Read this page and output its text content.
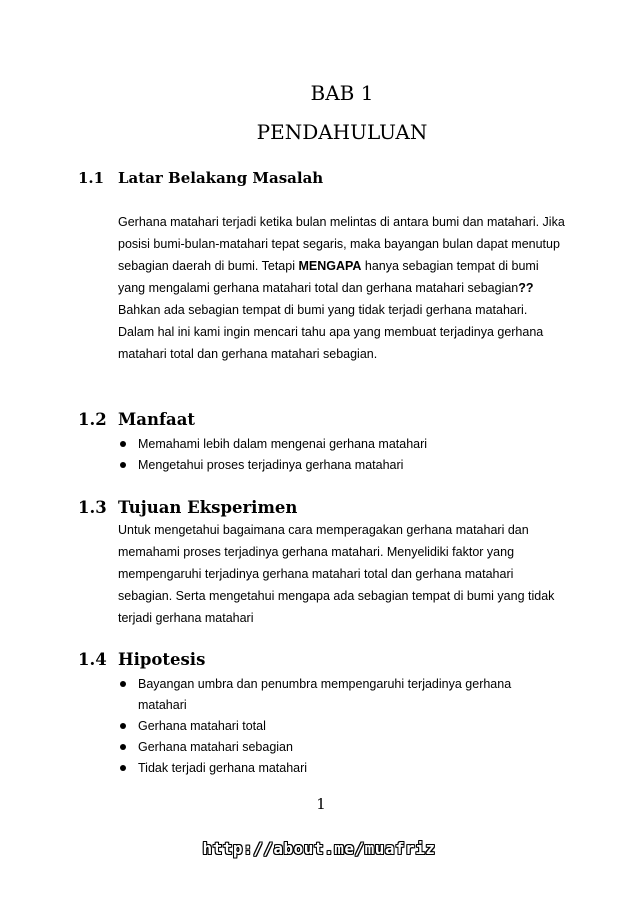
BAB 1
PENDAHULUAN
1.1 Latar Belakang Masalah

Gerhana matahari terjadi ketika bulan melintas di antara bumi dan matahari. Jika posisi bumi-bulan-matahari tepat segaris, maka bayangan bulan dapat menutup sebagian daerah di bumi. Tetapi MENGAPA hanya sebagian tempat di bumi yang mengalami gerhana matahari total dan gerhana matahari sebagian?? Bahkan ada sebagian tempat di bumi yang tidak terjadi gerhana matahari. Dalam hal ini kami ingin mencari tahu apa yang membuat terjadinya gerhana matahari total dan gerhana matahari sebagian.

1.2 Manfaat
Memahami lebih dalam mengenai gerhana matahari
Mengetahui proses terjadinya gerhana matahari
1.3 Tujuan Eksperimen

Untuk mengetahui bagaimana cara memperagakan gerhana matahari dan memahami proses terjadinya gerhana matahari. Menyelidiki faktor yang mempengaruhi terjadinya gerhana matahari total dan gerhana matahari sebagian. Serta mengetahui mengapa ada sebagian tempat di bumi yang tidak terjadi gerhana matahari

1.4 Hipotesis
Bayangan umbra dan penumbra mempengaruhi terjadinya gerhana matahari
Gerhana matahari total
Gerhana matahari sebagian
Tidak terjadi gerhana matahari
1
http://about.me/muafriz
